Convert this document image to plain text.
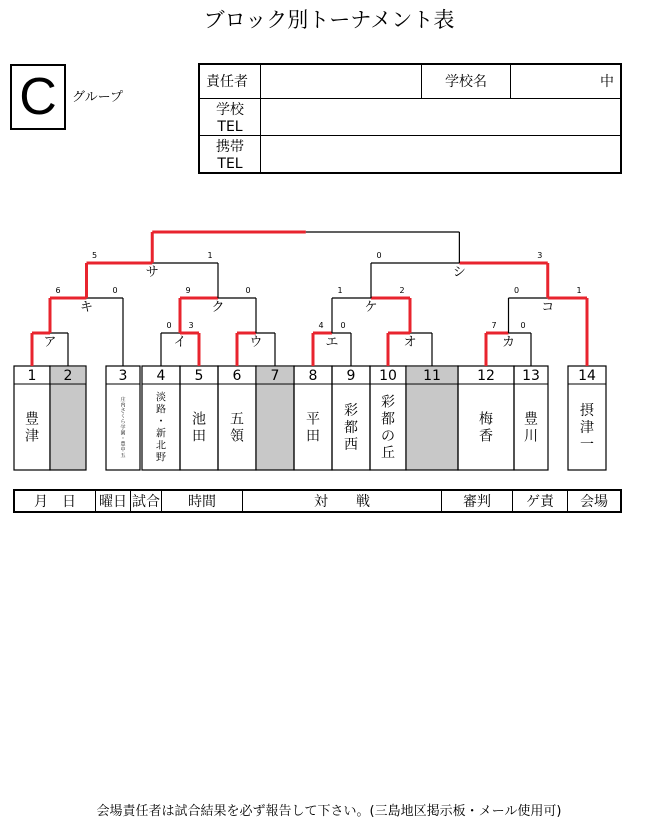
ブロック別トーナメント表
C グループ
責任者		学校名	中
学校TEL			
携帯TEL			
1
豊津
2	3
庄内さくら学園・豊中五
4
淡路・新北野
5
池田
6
五領
7 8
平田
9
彩都西
10
彩都の丘
11	12
梅香
13
豊川
14
摂津一
ア	イ
0 3
ウ	エ
4 0
オ	カ
7	0
キ
6	0
ク
9	0
ケ
1	2
コ
0	1
サ
5	1
シ
0	3
月　日	曜日	試合	時間	対　　戦	審判	ゲ責	会場
会場責任者は試合結果を必ず報告して下さい。(三島地区掲示板・メール使用可)
